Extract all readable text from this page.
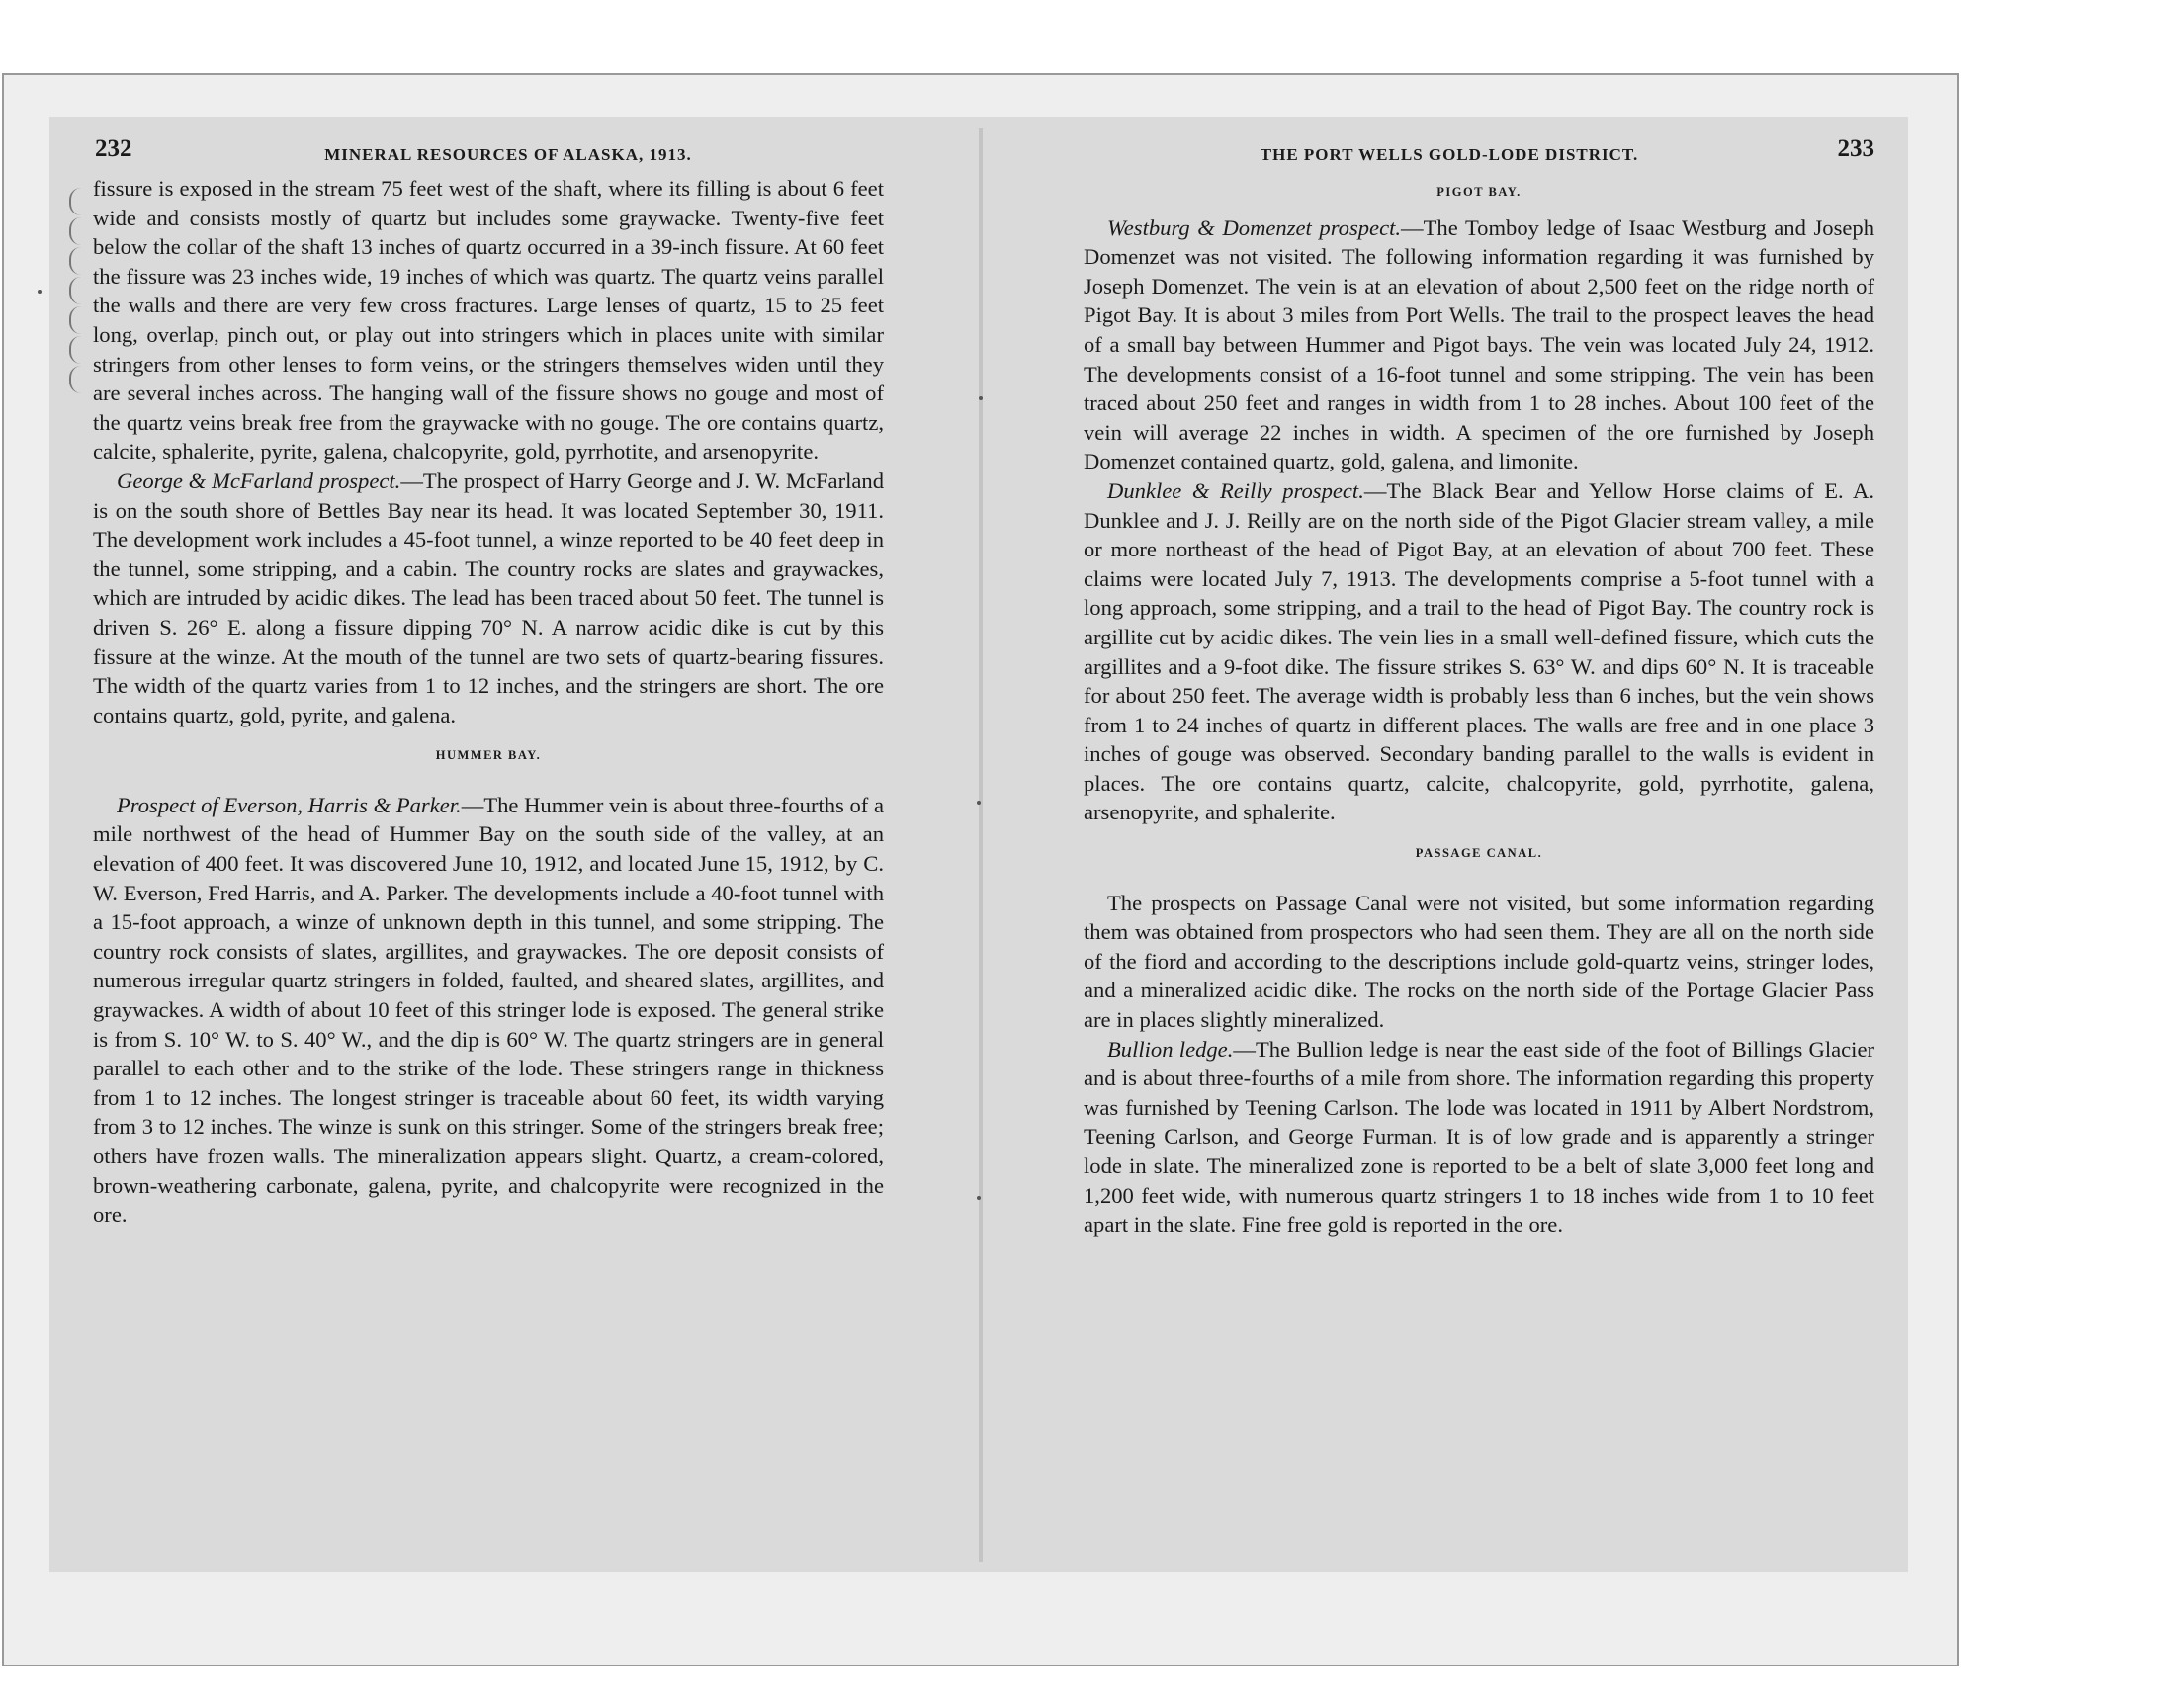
232	MINERAL RESOURCES OF ALASKA, 1913.

fissure is exposed in the stream 75 feet west of the shaft, where its filling is about 6 feet wide and consists mostly of quartz but includes some graywacke. Twenty-five feet below the collar of the shaft 13 inches of quartz occurred in a 39-inch fissure. At 60 feet the fissure was 23 inches wide, 19 inches of which was quartz. The quartz veins parallel the walls and there are very few cross fractures. Large lenses of quartz, 15 to 25 feet long, overlap, pinch out, or play out into stringers which in places unite with similar stringers from other lenses to form veins, or the stringers themselves widen until they are several inches across. The hanging wall of the fissure shows no gouge and most of the quartz veins break free from the graywacke with no gouge. The ore contains quartz, calcite, sphalerite, pyrite, galena, chalcopyrite, gold, pyrrhotite, and arsenopyrite.

George & McFarland prospect.—The prospect of Harry George and J. W. McFarland is on the south shore of Bettles Bay near its head. It was located September 30, 1911. The development work includes a 45-foot tunnel, a winze reported to be 40 feet deep in the tunnel, some stripping, and a cabin. The country rocks are slates and graywackes, which are intruded by acidic dikes. The lead has been traced about 50 feet. The tunnel is driven S. 26° E. along a fissure dipping 70° N. A narrow acidic dike is cut by this fissure at the winze. At the mouth of the tunnel are two sets of quartz-bearing fissures. The width of the quartz varies from 1 to 12 inches, and the stringers are short. The ore contains quartz, gold, pyrite, and galena.

HUMMER BAY.

Prospect of Everson, Harris & Parker.—The Hummer vein is about three-fourths of a mile northwest of the head of Hummer Bay on the south side of the valley, at an elevation of 400 feet. It was discovered June 10, 1912, and located June 15, 1912, by C. W. Everson, Fred Harris, and A. Parker. The developments include a 40-foot tunnel with a 15-foot approach, a winze of unknown depth in this tunnel, and some stripping. The country rock consists of slates, argillites, and graywackes. The ore deposit consists of numerous irregular quartz stringers in folded, faulted, and sheared slates, argillites, and graywackes. A width of about 10 feet of this stringer lode is exposed. The general strike is from S. 10° W. to S. 40° W., and the dip is 60° W. The quartz stringers are in general parallel to each other and to the strike of the lode. These stringers range in thickness from 1 to 12 inches. The longest stringer is traceable about 60 feet, its width varying from 3 to 12 inches. The winze is sunk on this stringer. Some of the stringers break free; others have frozen walls. The mineralization appears slight. Quartz, a cream-colored, brown-weathering carbonate, galena, pyrite, and chalcopyrite were recognized in the ore.

THE PORT WELLS GOLD-LODE DISTRICT.	233
PIGOT BAY.

Westburg & Domenzet prospect.—The Tomboy ledge of Isaac Westburg and Joseph Domenzet was not visited. The following information regarding it was furnished by Joseph Domenzet. The vein is at an elevation of about 2,500 feet on the ridge north of Pigot Bay. It is about 3 miles from Port Wells. The trail to the prospect leaves the head of a small bay between Hummer and Pigot bays. The vein was located July 24, 1912. The developments consist of a 16-foot tunnel and some stripping. The vein has been traced about 250 feet and ranges in width from 1 to 28 inches. About 100 feet of the vein will average 22 inches in width. A specimen of the ore furnished by Joseph Domenzet contained quartz, gold, galena, and limonite.

Dunklee & Reilly prospect.—The Black Bear and Yellow Horse claims of E. A. Dunklee and J. J. Reilly are on the north side of the Pigot Glacier stream valley, a mile or more northeast of the head of Pigot Bay, at an elevation of about 700 feet. These claims were located July 7, 1913. The developments comprise a 5-foot tunnel with a long approach, some stripping, and a trail to the head of Pigot Bay. The country rock is argillite cut by acidic dikes. The vein lies in a small well-defined fissure, which cuts the argillites and a 9-foot dike. The fissure strikes S. 63° W. and dips 60° N. It is traceable for about 250 feet. The average width is probably less than 6 inches, but the vein shows from 1 to 24 inches of quartz in different places. The walls are free and in one place 3 inches of gouge was observed. Secondary banding parallel to the walls is evident in places. The ore contains quartz, calcite, chalcopyrite, gold, pyrrhotite, galena, arsenopyrite, and sphalerite.

PASSAGE CANAL.

The prospects on Passage Canal were not visited, but some information regarding them was obtained from prospectors who had seen them. They are all on the north side of the fiord and according to the descriptions include gold-quartz veins, stringer lodes, and a mineralized acidic dike. The rocks on the north side of the Portage Glacier Pass are in places slightly mineralized.

Bullion ledge.—The Bullion ledge is near the east side of the foot of Billings Glacier and is about three-fourths of a mile from shore. The information regarding this property was furnished by Teening Carlson. The lode was located in 1911 by Albert Nordstrom, Teening Carlson, and George Furman. It is of low grade and is apparently a stringer lode in slate. The mineralized zone is reported to be a belt of slate 3,000 feet long and 1,200 feet wide, with numerous quartz stringers 1 to 18 inches wide from 1 to 10 feet apart in the slate. Fine free gold is reported in the ore.
